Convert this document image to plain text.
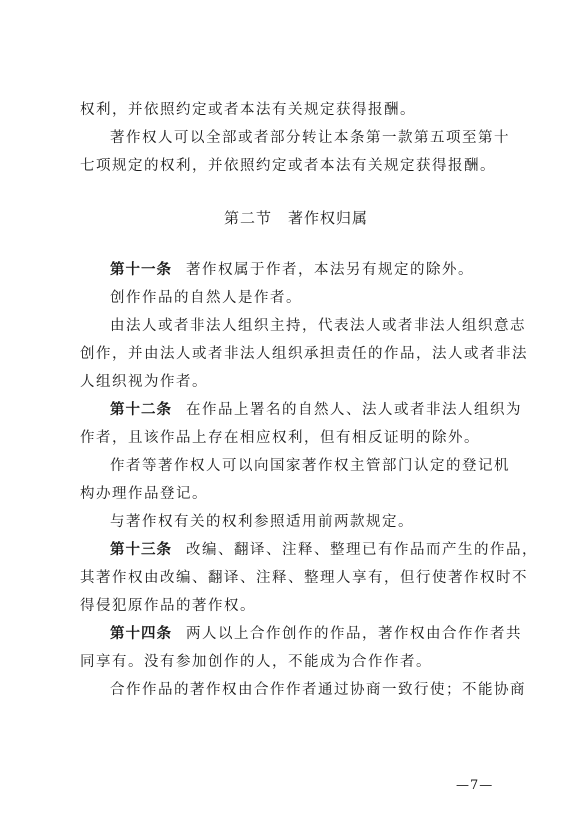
权利，并依照约定或者本法有关规定获得报酬。
著作权人可以全部或者部分转让本条第一款第五项至第十
七项规定的权利，并依照约定或者本法有关规定获得报酬。
第二节 著作权归属
第十一条 著作权属于作者，本法另有规定的除外。
创作作品的自然人是作者。
由法人或者非法人组织主持，代表法人或者非法人组织意志
创作，并由法人或者非法人组织承担责任的作品，法人或者非法
人组织视为作者。
第十二条 在作品上署名的自然人、法人或者非法人组织为
作者，且该作品上存在相应权利，但有相反证明的除外。
作者等著作权人可以向国家著作权主管部门认定的登记机
构办理作品登记。
与著作权有关的权利参照适用前两款规定。
第十三条 改编、翻译、注释、整理已有作品而产生的作品，
其著作权由改编、翻译、注释、整理人享有，但行使著作权时不
得侵犯原作品的著作权。
第十四条 两人以上合作创作的作品，著作权由合作作者共
同享有。没有参加创作的人，不能成为合作作者。
合作作品的著作权由合作作者通过协商一致行使；不能协商
—7—
